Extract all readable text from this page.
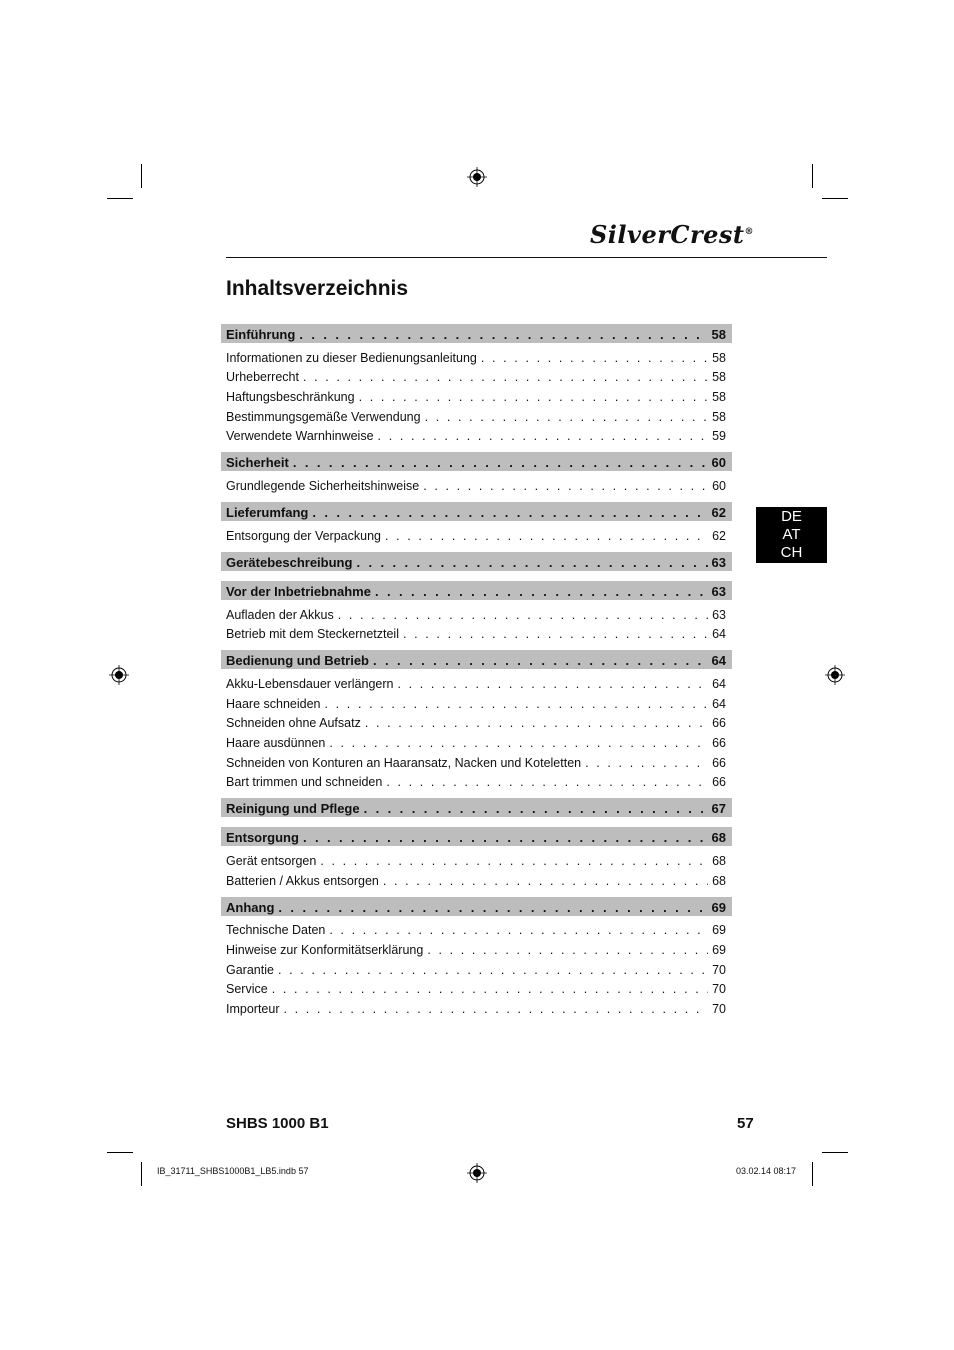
SilverCrest®
Inhaltsverzeichnis
DE
AT
CH
Einführung . . .	58
Informationen zu dieser Bedienungsanleitung . . .	58
Urheberrecht . . .	58
Haftungsbeschränkung . . .	58
Bestimmungsgemäße Verwendung . . .	58
Verwendete Warnhinweise . . .	59
Sicherheit . . .	60
Grundlegende Sicherheitshinweise . . .	60
Lieferumfang . . .	62
Entsorgung der Verpackung . . .	62
Gerätebeschreibung . . .	63
Vor der Inbetriebnahme . . .	63
Aufladen der Akkus . . .	63
Betrieb mit dem Steckernetzteil . . .	64
Bedienung und Betrieb . . .	64
Akku-Lebensdauer verlängern . . .	64
Haare schneiden . . .	64
Schneiden ohne Aufsatz . . .	66
Haare ausdünnen . . .	66
Schneiden von Konturen an Haaransatz, Nacken und Koteletten . . .	66
Bart trimmen und schneiden . . .	66
Reinigung und Pflege . . .	67
Entsorgung . . .	68
Gerät entsorgen . . .	68
Batterien / Akkus entsorgen . . .	68
Anhang . . .	69
Technische Daten . . .	69
Hinweise zur Konformitätserklärung . . .	69
Garantie . . .	70
Service . . .	70
Importeur . . .	70
SHBS 1000 B1	57
IB_31711_SHBS1000B1_LB5.indb 57	03.02.14 08:17
